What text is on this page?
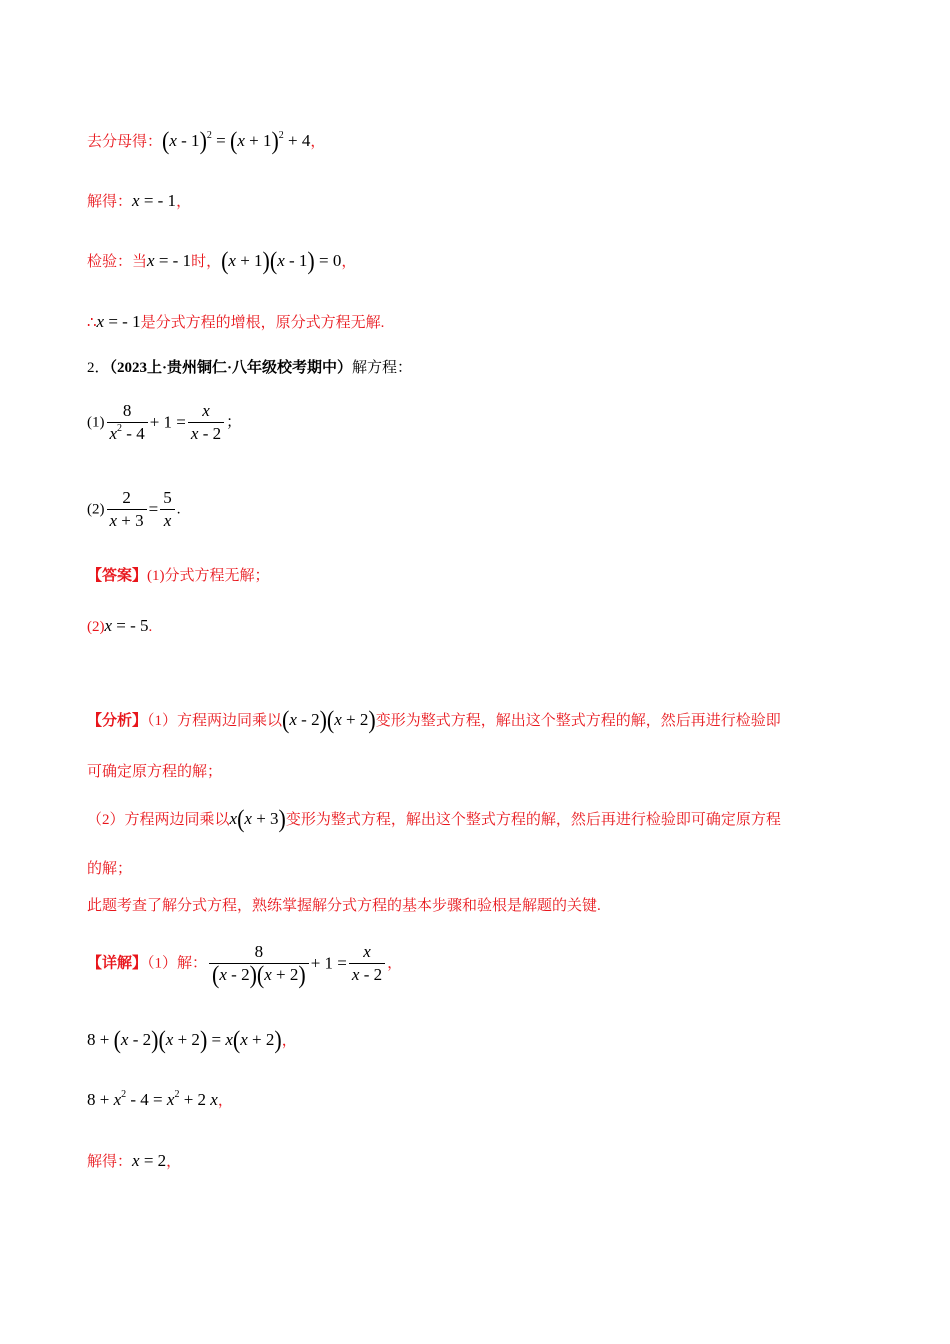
去分母得：$(x - 1)^2 = (x + 1)^2 + 4$，
解得：x = - 1，
检验：当x = - 1时，(x + 1)(x - 1) = 0，
∴x = - 1是分式方程的增根，原分式方程无解.
2．（2023上·贵州铜仁·八年级校考期中）解方程：
$(1) \frac{8}{x^2 - 4} + 1 = \frac{x}{x - 2}$ ；
$(2) \frac{2}{x + 3} = \frac{5}{x}$ .
【答案】(1)分式方程无解；
(2)x = - 5.
【分析】（1）方程两边同乘以(x - 2)(x + 2)变形为整式方程，解出这个整式方程的解，然后再进行检验即
可确定原方程的解；
（2）方程两边同乘以x(x + 3)变形为整式方程，解出这个整式方程的解，然后再进行检验即可确定原方程
的解；
此题考查了解分式方程，熟练掌握解分式方程的基本步骤和验根是解题的关键.
【详解】（1）解： $\frac{8}{(x - 2)(x + 2)} + 1 = \frac{x}{x - 2}$ ，
8 + (x - 2)(x + 2) = x(x + 2)，
$8 + x^2 - 4 = x^2 + 2$ x，
解得：x = 2，
